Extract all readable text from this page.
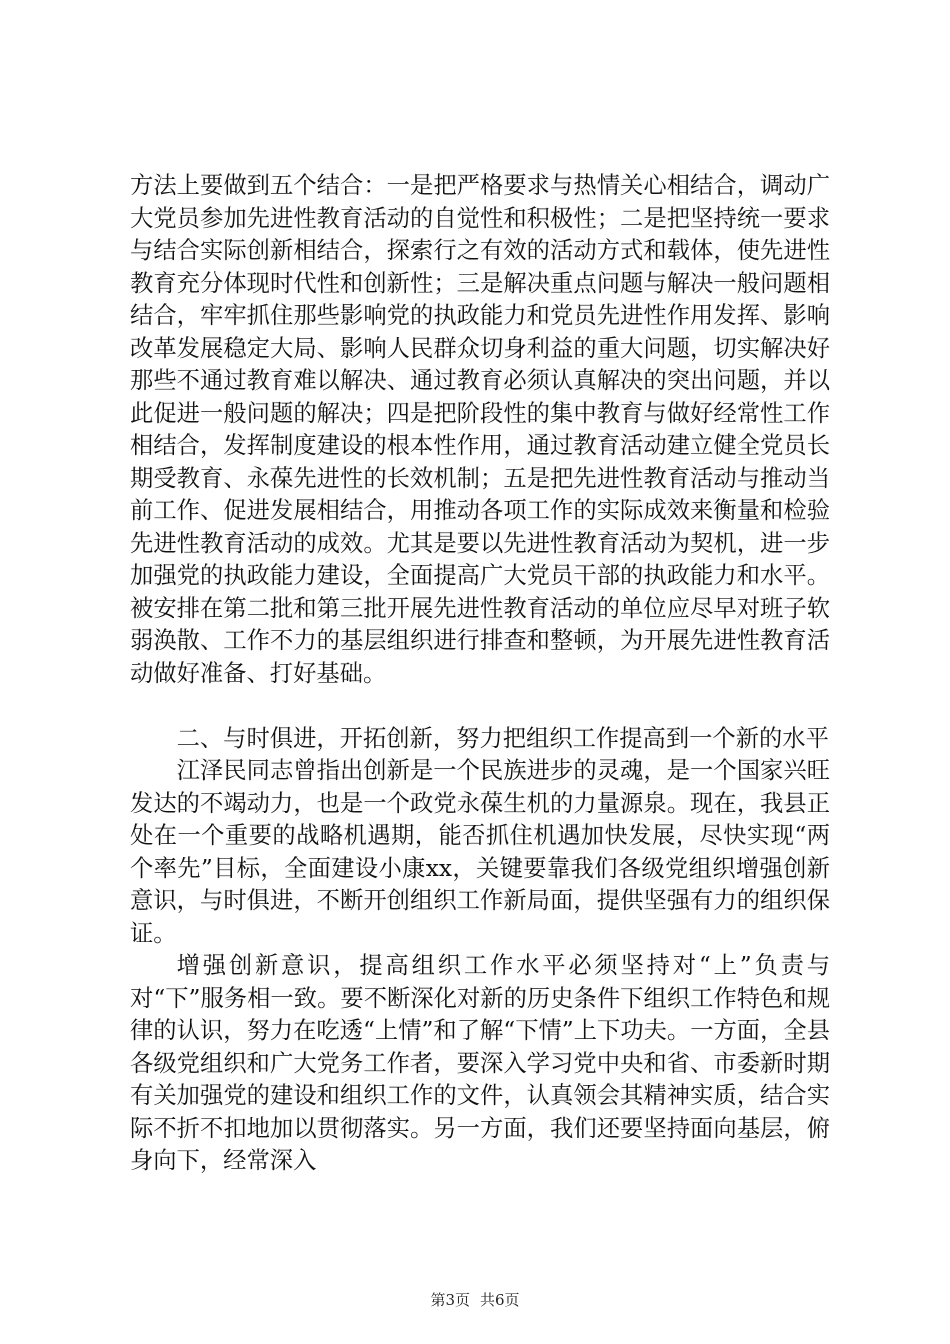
方法上要做到五个结合：一是把严格要求与热情关心相结合，调动广大党员参加先进性教育活动的自觉性和积极性；二是把坚持统一要求与结合实际创新相结合，探索行之有效的活动方式和载体，使先进性教育充分体现时代性和创新性；三是解决重点问题与解决一般问题相结合，牢牢抓住那些影响党的执政能力和党员先进性作用发挥、影响改革发展稳定大局、影响人民群众切身利益的重大问题，切实解决好那些不通过教育难以解决、通过教育必须认真解决的突出问题，并以此促进一般问题的解决；四是把阶段性的集中教育与做好经常性工作相结合，发挥制度建设的根本性作用，通过教育活动建立健全党员长期受教育、永葆先进性的长效机制；五是把先进性教育活动与推动当前工作、促进发展相结合，用推动各项工作的实际成效来衡量和检验先进性教育活动的成效。尤其是要以先进性教育活动为契机，进一步加强党的执政能力建设，全面提高广大党员干部的执政能力和水平。被安排在第二批和第三批开展先进性教育活动的单位应尽早对班子软弱涣散、工作不力的基层组织进行排查和整顿，为开展先进性教育活动做好准备、打好基础。

二、与时俱进，开拓创新，努力把组织工作提高到一个新的水平

江泽民同志曾指出创新是一个民族进步的灵魂，是一个国家兴旺发达的不竭动力，也是一个政党永葆生机的力量源泉。现在，我县正处在一个重要的战略机遇期，能否抓住机遇加快发展，尽快实现“两个率先”目标，全面建设小康xx，关键要靠我们各级党组织增强创新意识，与时俱进，不断开创组织工作新局面，提供坚强有力的组织保证。

增强创新意识，提高组织工作水平必须坚持对“上”负责与对“下”服务相一致。要不断深化对新的历史条件下组织工作特色和规律的认识，努力在吃透“上情”和了解“下情”上下功夫。一方面，全县各级党组织和广大党务工作者，要深入学习党中央和省、市委新时期有关加强党的建设和组织工作的文件，认真领会其精神实质，结合实际不折不扣地加以贯彻落实。另一方面，我们还要坚持面向基层，俯身向下，经常深入

第3页 共6页
